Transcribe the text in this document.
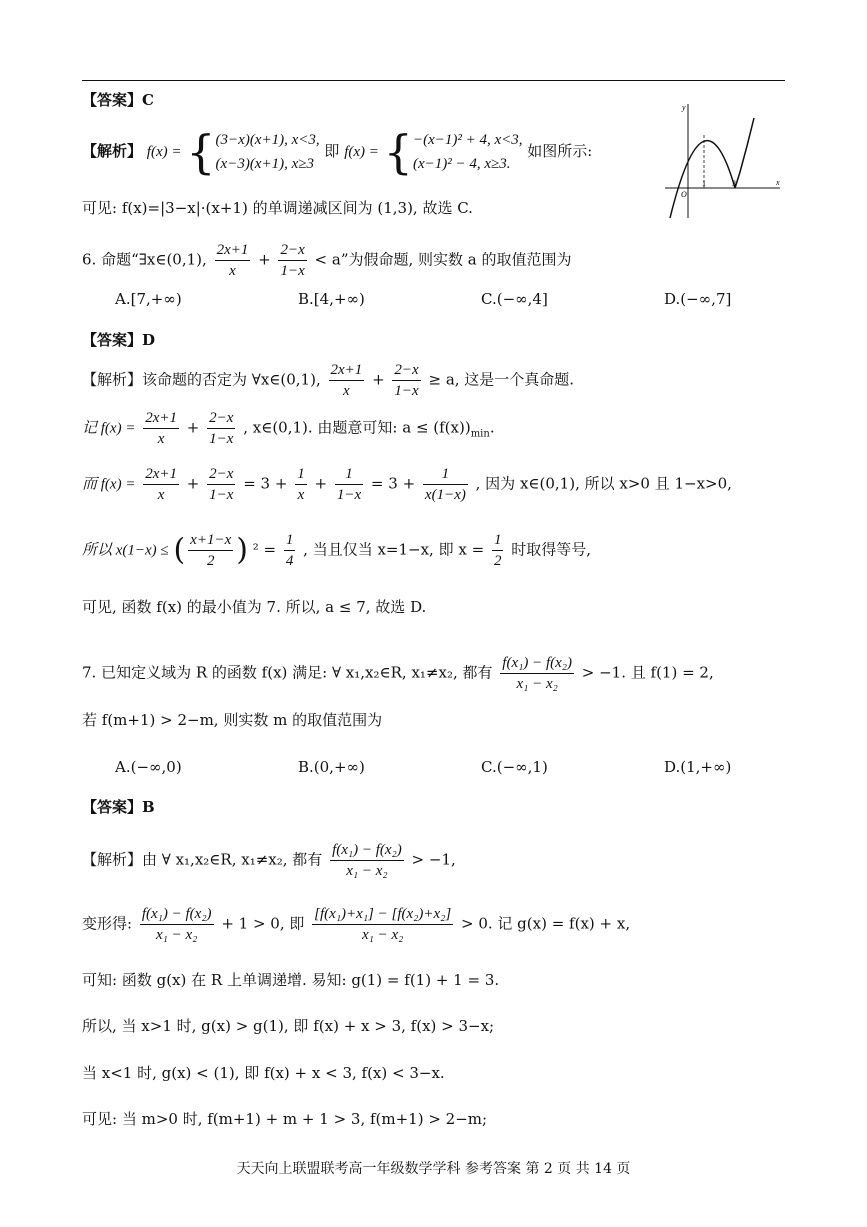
【答案】C
【解析】 f(x) = { (3−x)(x+1), x<3,
(x−3)(x+1), x≥3
即 f(x) = { −(x−1)² + 4, x<3,
(x−1)² − 4, x≥3.
如图所示:
y
x
O
1	3
可见: f(x)=|3−x|·(x+1) 的单调递减区间为 (1,3), 故选 C.
6. 命题“∃x∈(0,1), $\frac{2x+1}{x} + \frac{2-x}{1-x} < a$”为假命题, 则实数 a 的取值范围为
A.[7,+∞)	B.[4,+∞)	C.(−∞,4]	D.(−∞,7]
【答案】D
【解析】该命题的否定为 ∀x∈(0,1), $\frac{2x+1}{x} + \frac{2-x}{1-x} \ge a$, 这是一个真命题.
记 $f(x) = \frac{2x+1}{x} + \frac{2-x}{1-x}$ , x∈(0,1). 由题意可知: $a \le (f(x))_{min}$.
而 $f(x) = \frac{2x+1}{x} + \frac{2-x}{1-x} = 3 + \frac{1}{x} + \frac{1}{1-x} = 3 + \frac{1}{x(1-x)}$ , 因为 x∈(0,1), 所以 x>0 且 1−x>0,
所以 x(1−x) ≤ ( $\frac{x+1-x}{2}$ ) $^2 = \frac{1}{4}$ , 当且仅当 x=1−x, 即 $x = \frac{1}{2}$ 时取得等号,
可见, 函数 f(x) 的最小值为 7. 所以, a ≤ 7, 故选 D.
7. 已知定义域为 R 的函数 f(x) 满足: ∀ x₁,x₂∈R, x₁≠x₂, 都有 $\frac{\text{f(x₁) − f(x₂)}}{\text{x₁ − x₂}} > -1$. 且 f(1) = 2,
若 f(m+1) > 2−m, 则实数 m 的取值范围为
A.(−∞,0)	B.(0,+∞)	C.(−∞,1)	D.(1,+∞)
【答案】B
【解析】由 ∀ x₁,x₂∈R, x₁≠x₂, 都有 $\frac{\text{f(x₁) − f(x₂)}}{\text{x₁ − x₂}} > -1$,
变形得: $\frac{\text{f(x₁) − f(x₂)}}{\text{x₁ − x₂}} + 1 > 0$, 即 $\frac{\text{[f(x₁)+x₁] − [f(x₂)+x₂]}}{\text{x₁ − x₂}} > 0$. 记 g(x) = f(x) + x,
可知: 函数 g(x) 在 R 上单调递增. 易知: g(1) = f(1) + 1 = 3.
所以, 当 x>1 时, g(x) > g(1), 即 f(x) + x > 3, f(x) > 3−x;
当 x<1 时, g(x) < (1), 即 f(x) + x < 3, f(x) < 3−x.
可见: 当 m>0 时, f(m+1) + m + 1 > 3, f(m+1) > 2−m;
天天向上联盟联考高一年级数学学科 参考答案 第 2 页 共 14 页
